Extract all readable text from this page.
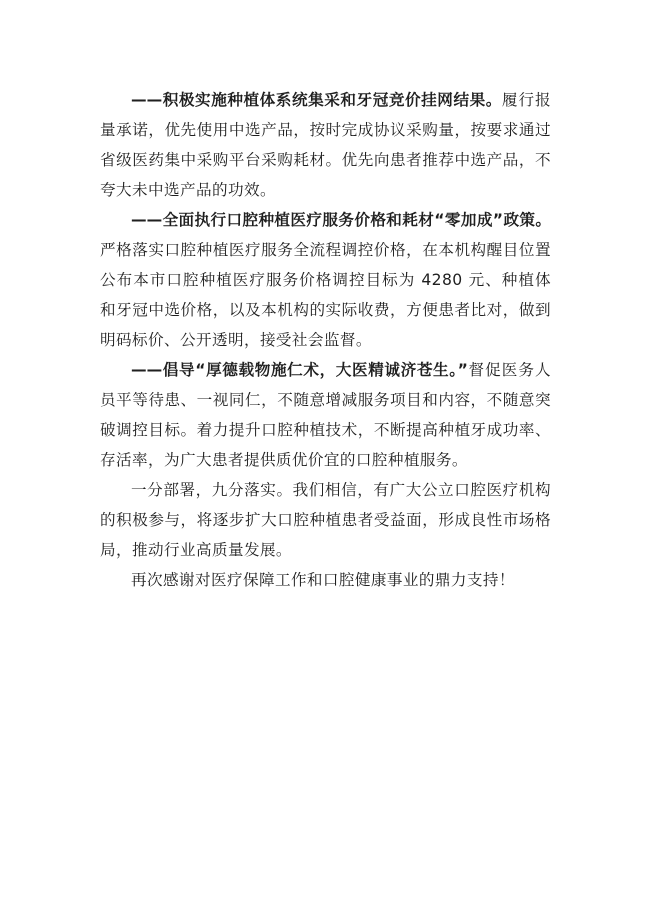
——积极实施种植体系统集采和牙冠竞价挂网结果。履行报量承诺，优先使用中选产品，按时完成协议采购量，按要求通过省级医药集中采购平台采购耗材。优先向患者推荐中选产品，不夸大未中选产品的功效。

——全面执行口腔种植医疗服务价格和耗材“零加成”政策。严格落实口腔种植医疗服务全流程调控价格，在本机构醒目位置公布本市口腔种植医疗服务价格调控目标为 4280 元、种植体和牙冠中选价格，以及本机构的实际收费，方便患者比对，做到明码标价、公开透明，接受社会监督。

——倡导“厚德载物施仁术，大医精诚济苍生。”督促医务人员平等待患、一视同仁，不随意增减服务项目和内容，不随意突破调控目标。着力提升口腔种植技术，不断提高种植牙成功率、存活率，为广大患者提供质优价宜的口腔种植服务。

一分部署，九分落实。我们相信，有广大公立口腔医疗机构的积极参与，将逐步扩大口腔种植患者受益面，形成良性市场格局，推动行业高质量发展。

再次感谢对医疗保障工作和口腔健康事业的鼎力支持！
